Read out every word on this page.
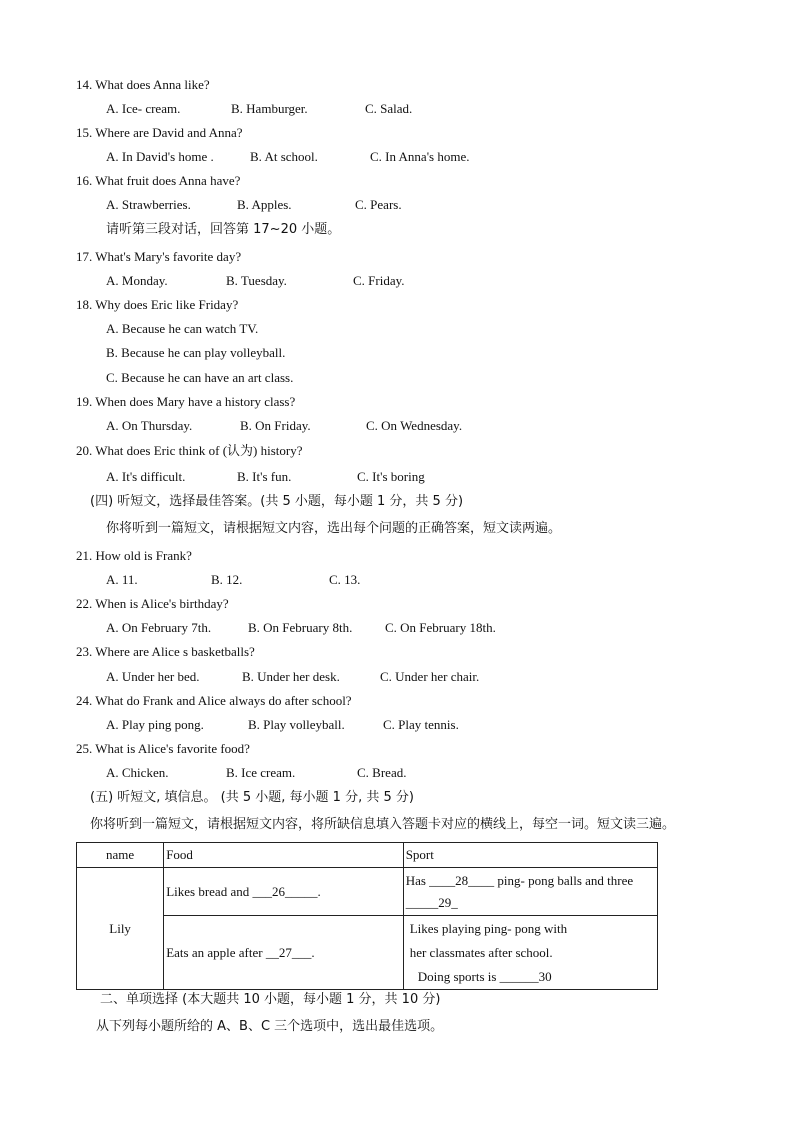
14. What does Anna like?
A. Ice- cream.	B. Hamburger.	C. Salad.
15. Where are David and Anna?
A. In David's home .	B. At school.	C. In Anna's home.
16. What fruit does Anna have?
A. Strawberries.	B. Apples.	C. Pears.
请听第三段对话，回答第 17~20 小题。
17. What's Mary's favorite day?
A. Monday.	B. Tuesday.	C. Friday.
18. Why does Eric like Friday?
A. Because he can watch TV.
B. Because he can play volleyball.
C. Because he can have an art class.
19. When does Mary have a history class?
A. On Thursday.	B. On Friday.	C. On Wednesday.
20. What does Eric think of (认为) history?
A. It's difficult.	B. It's fun.	C. It's boring
(四) 听短文，选择最佳答案。(共 5 小题，每小题 1 分，共 5 分)
你将听到一篇短文，请根据短文内容，选出每个问题的正确答案，短文读两遍。
21. How old is Frank?
A. 11.	B. 12.	C. 13.
22. When is Alice's birthday?
A. On February 7th.	B. On February 8th.	C. On February 18th.
23. Where are Alice s basketballs?
A. Under her bed.	B. Under her desk.	C. Under her chair.
24. What do Frank and Alice always do after school?
A. Play ping pong.	B. Play volleyball.	C. Play tennis.
25. What is Alice's favorite food?
A. Chicken.	B. Ice cream.	C. Bread.
(五) 听短文, 填信息。 (共 5 小题, 每小题 1 分, 共 5 分)
你将听到一篇短文，请根据短文内容，将所缺信息填入答题卡对应的横线上，每空一词。短文读三遍。
name	Food	Sport
Lily	Likes bread and ___26_____.	Has ____28____ ping- pong balls and three
_____29_

	Eats an apple after __27___.	Likes playing ping- pong with
her classmates after school.
Doing sports is ______30
二、单项选择 (本大题共 10 小题，每小题 1 分，共 10 分)
从下列每小题所给的 A、B、C 三个选项中，选出最佳选项。
